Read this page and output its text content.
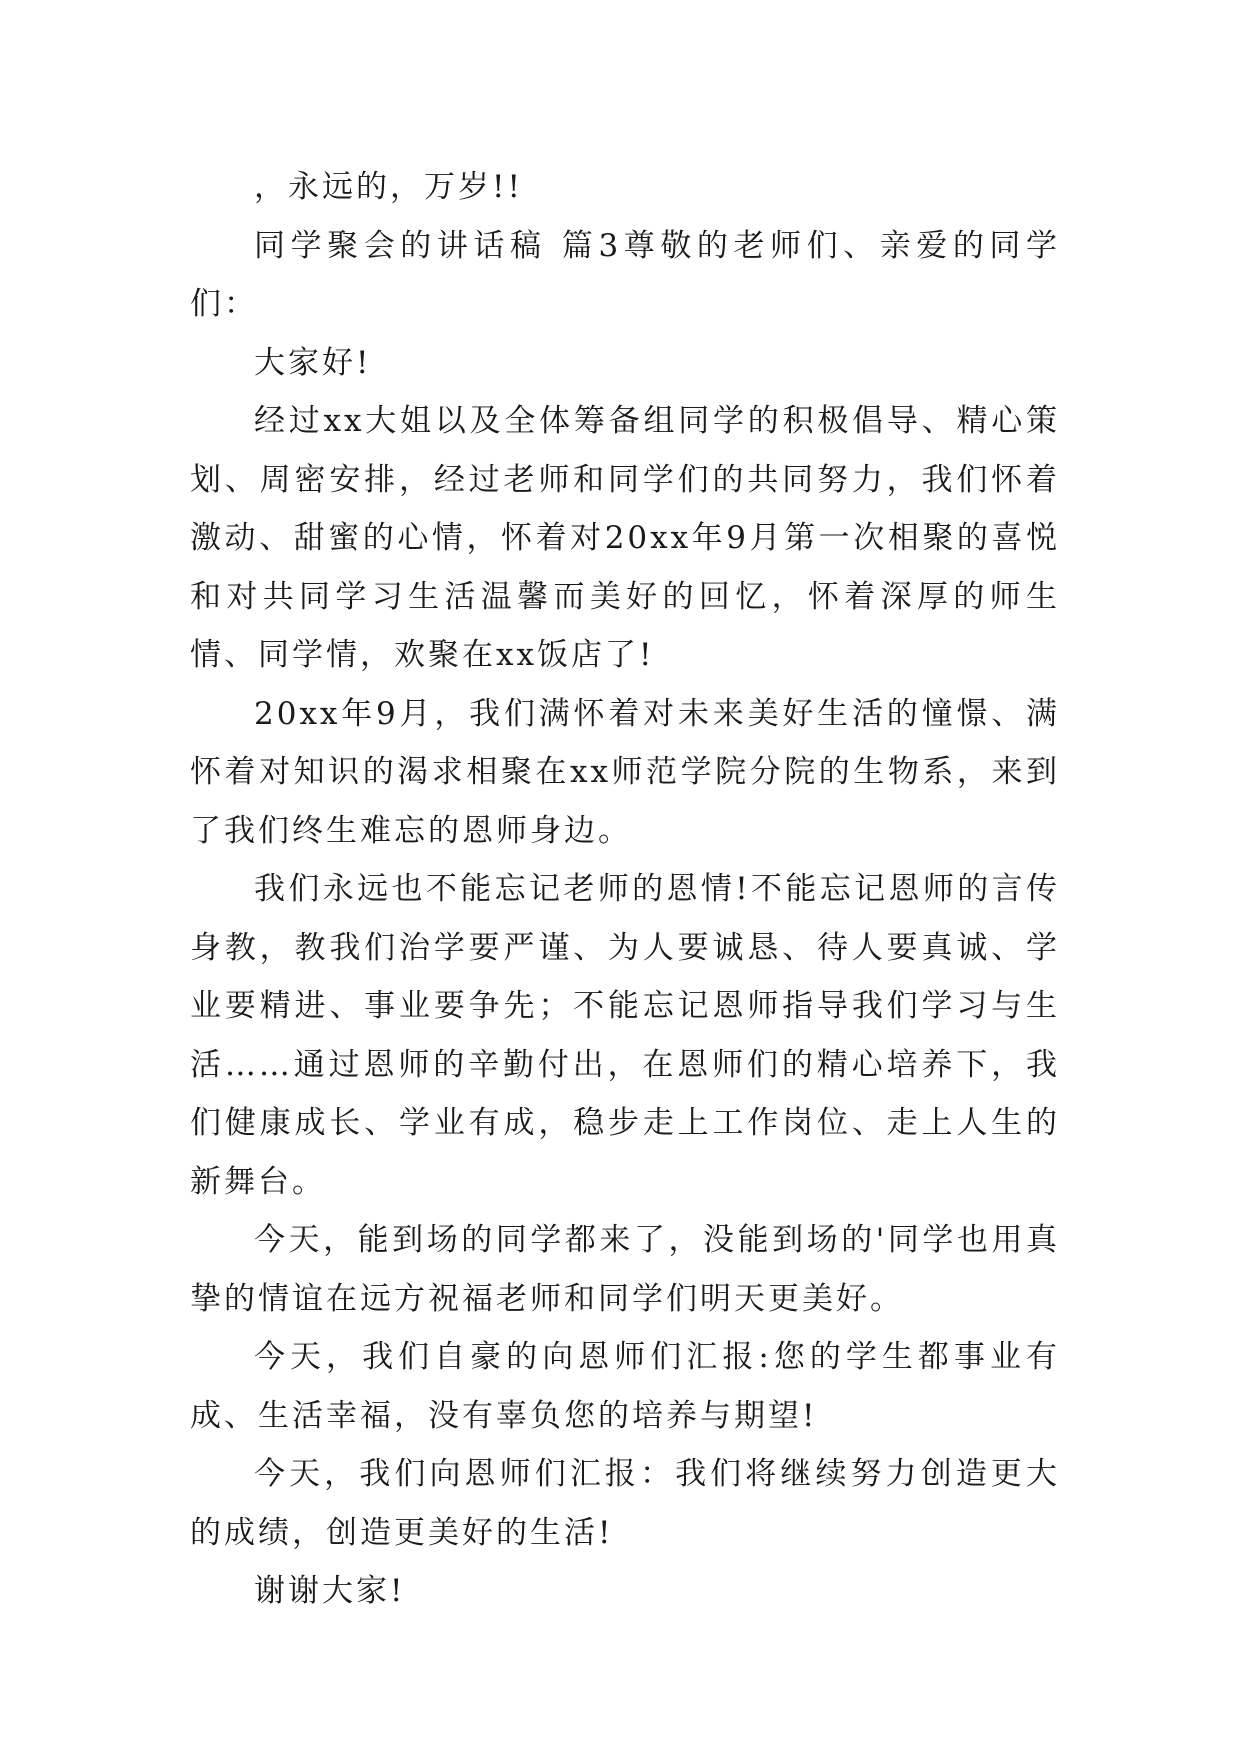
，永远的，万岁!!

同学聚会的讲话稿 篇3尊敬的老师们、亲爱的同学们：

大家好!

经过xx大姐以及全体筹备组同学的积极倡导、精心策划、周密安排，经过老师和同学们的共同努力，我们怀着激动、甜蜜的心情，怀着对20xx年9月第一次相聚的喜悦和对共同学习生活温馨而美好的回忆，怀着深厚的师生情、同学情，欢聚在xx饭店了!

20xx年9月，我们满怀着对未来美好生活的憧憬、满怀着对知识的渴求相聚在xx师范学院分院的生物系，来到了我们终生难忘的恩师身边。

我们永远也不能忘记老师的恩情!不能忘记恩师的言传身教，教我们治学要严谨、为人要诚恳、待人要真诚、学业要精进、事业要争先；不能忘记恩师指导我们学习与生活……通过恩师的辛勤付出，在恩师们的精心培养下，我们健康成长、学业有成，稳步走上工作岗位、走上人生的新舞台。

今天，能到场的同学都来了，没能到场的'同学也用真挚的情谊在远方祝福老师和同学们明天更美好。

今天，我们自豪的向恩师们汇报:您的学生都事业有成、生活幸福，没有辜负您的培养与期望!

今天，我们向恩师们汇报：我们将继续努力创造更大的成绩，创造更美好的生活!

谢谢大家!
